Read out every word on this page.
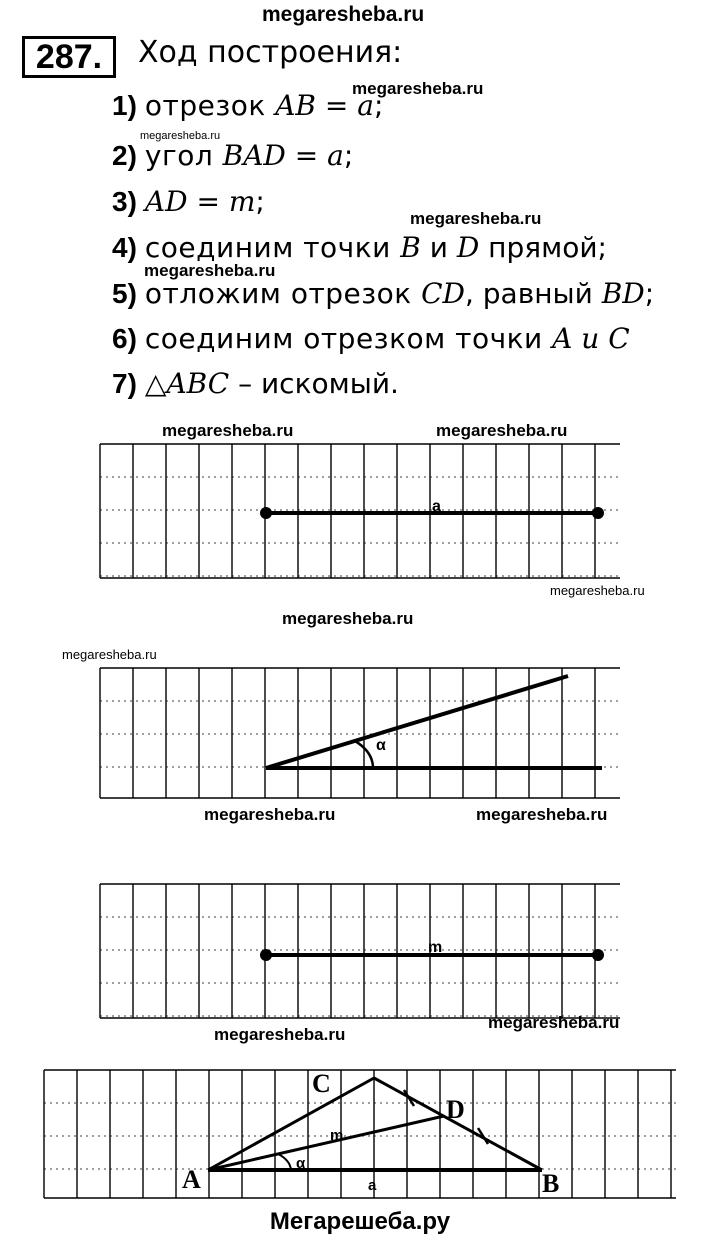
megaresheba.ru
megaresheba.ru
megaresheba.ru
megaresheba.ru
megaresheba.ru
287.	Ход построения:
1) отрезок AB = a;
2) угол BAD = a;
3) AD = m;
4) соединим точки B и D прямой;
5) отложим отрезок CD, равный BD;
6) соединим отрезком точки A и C
7) △ABC – искомый.
megaresheba.ru	megaresheba.ru
a
megaresheba.ru
megaresheba.ru
megaresheba.ru
α
megaresheba.ru	megaresheba.ru
m
megaresheba.ru
megaresheba.ru
A	B
C
D
m
a
α
Мегарешеба.ру
